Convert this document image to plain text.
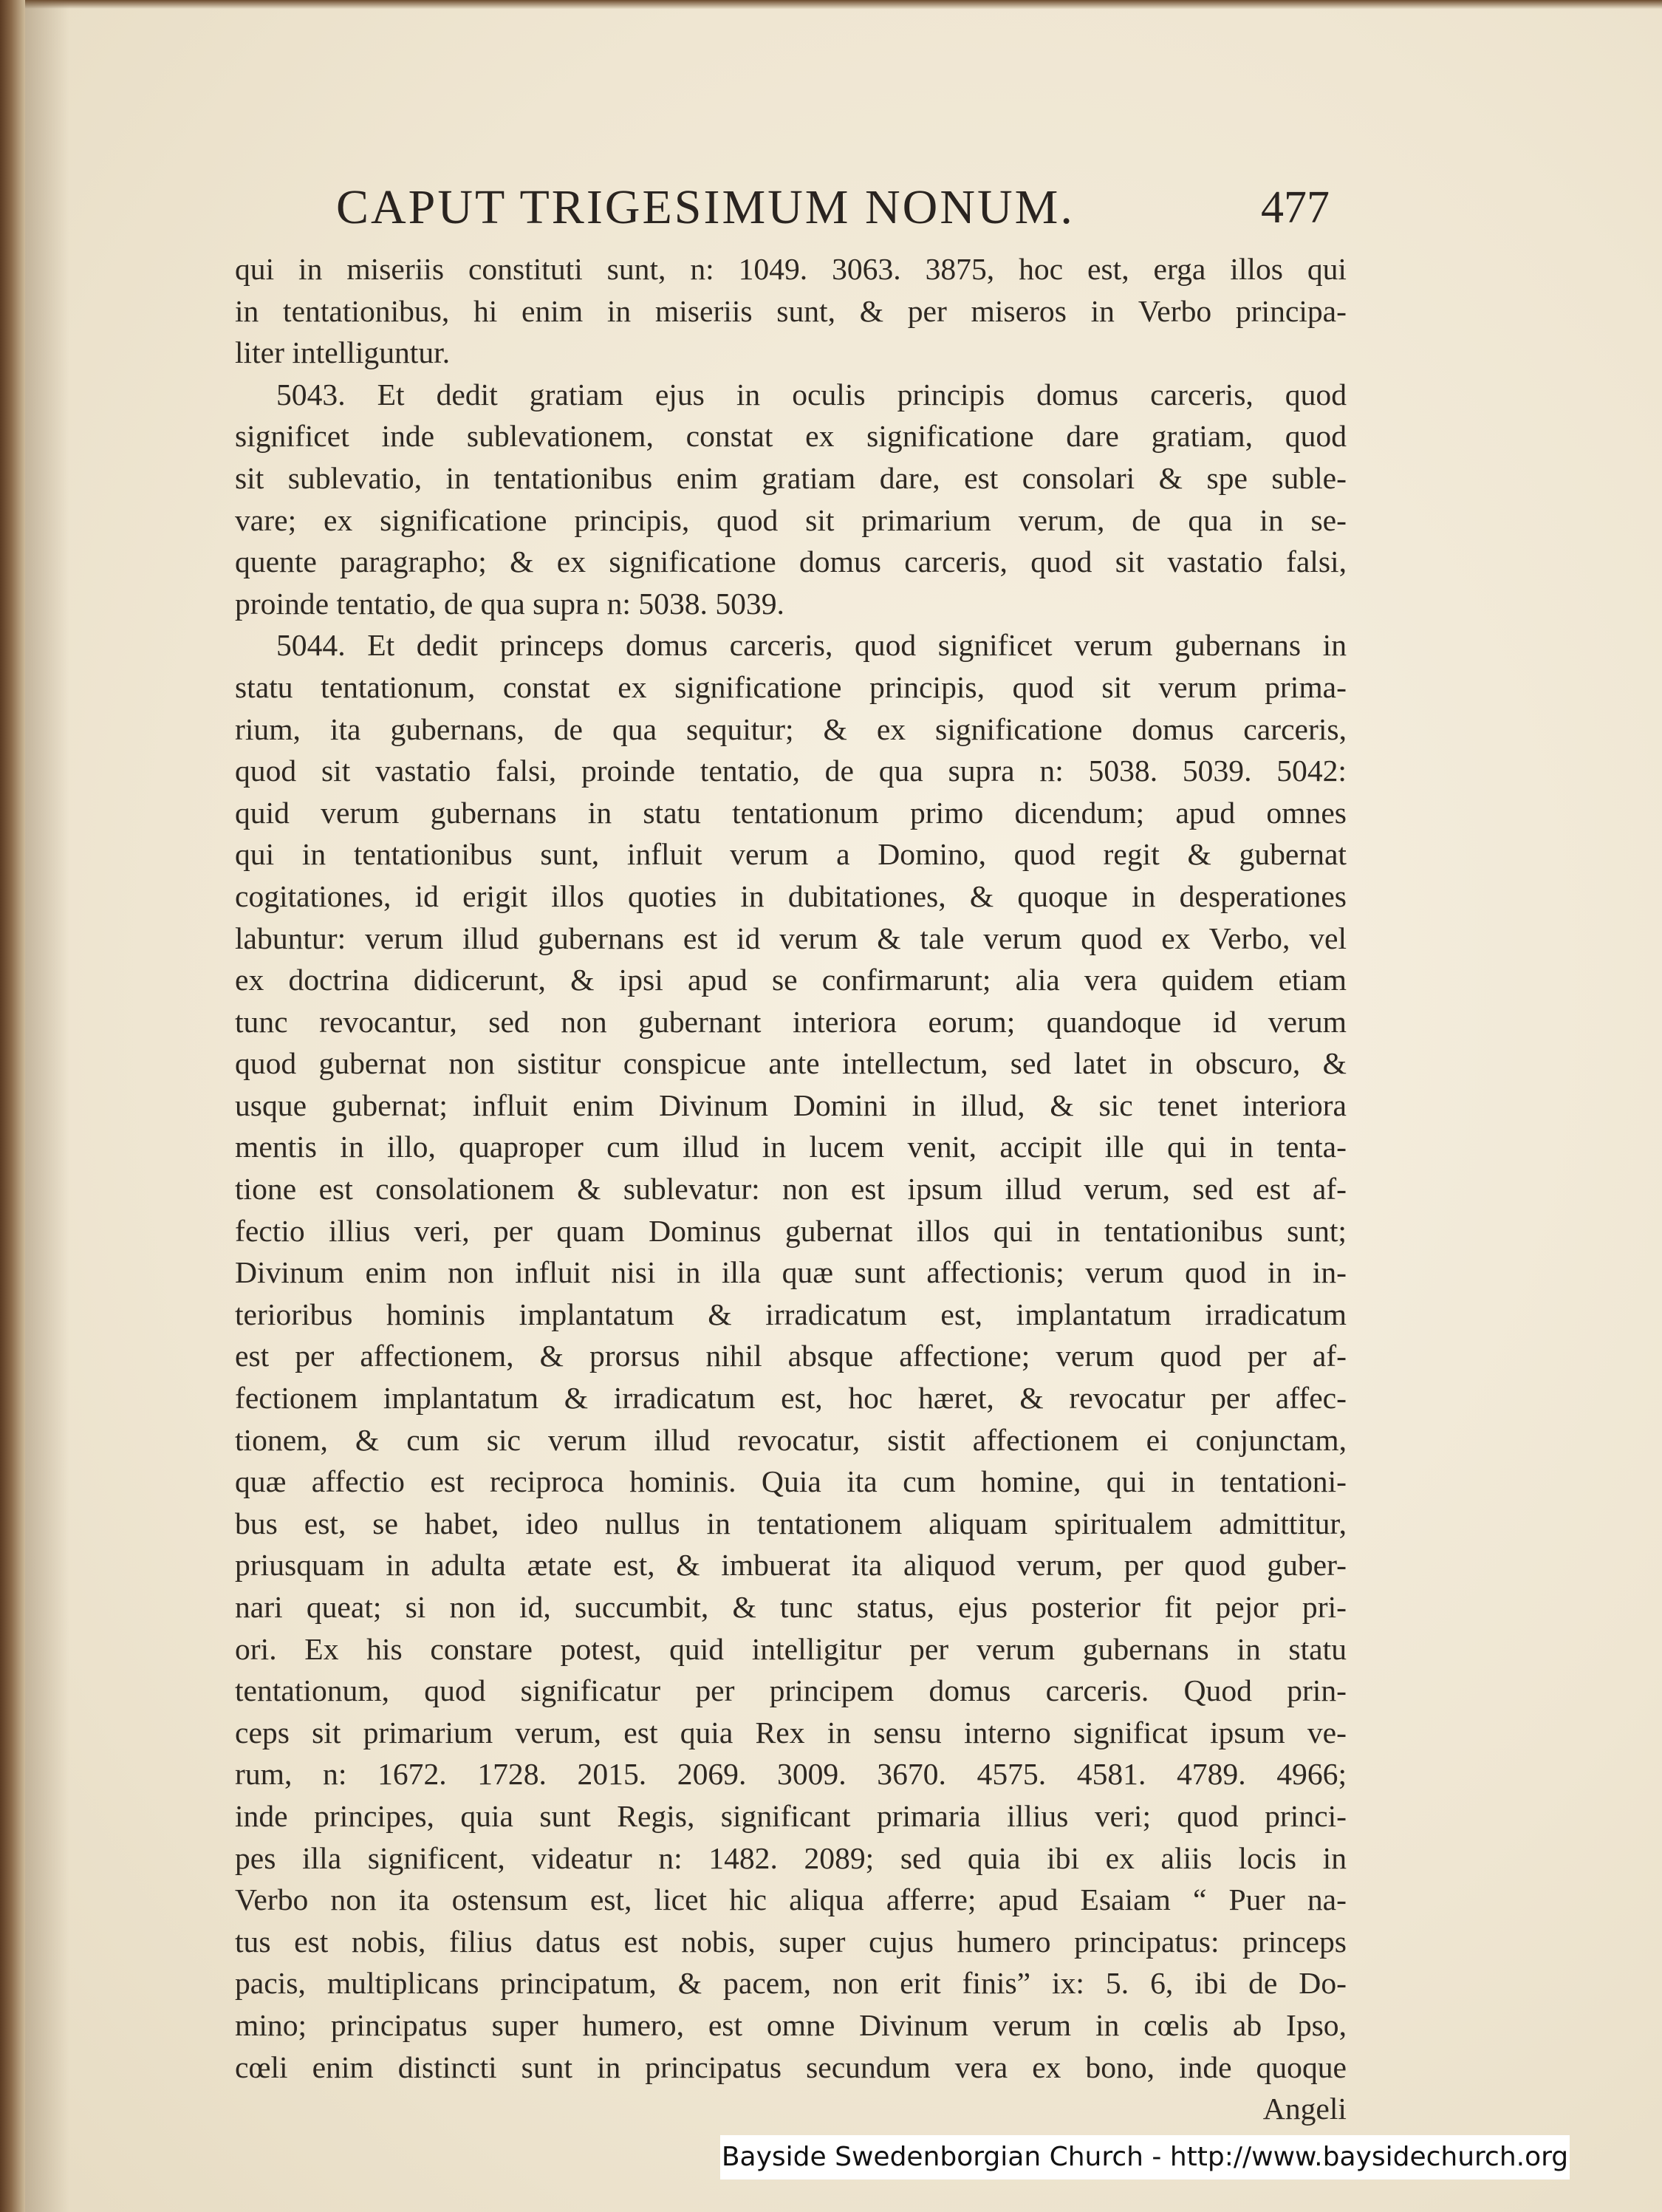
CAPUT TRIGESIMUM NONUM.	477
qui in miseriis constituti sunt, n: 1049. 3063. 3875, hoc est, erga illos qui
in tentationibus, hi enim in miseriis sunt, & per miseros in Verbo principa-
liter intelliguntur.
5043. Et dedit gratiam ejus in oculis principis domus carceris, quod
significet inde sublevationem, constat ex significatione dare gratiam, quod
sit sublevatio, in tentationibus enim gratiam dare, est consolari & spe suble-
vare; ex significatione principis, quod sit primarium verum, de qua in se-
quente paragrapho; & ex significatione domus carceris, quod sit vastatio falsi,
proinde tentatio, de qua supra n: 5038. 5039.
5044. Et dedit princeps domus carceris, quod significet verum gubernans in
statu tentationum, constat ex significatione principis, quod sit verum prima-
rium, ita gubernans, de qua sequitur; & ex significatione domus carceris,
quod sit vastatio falsi, proinde tentatio, de qua supra n: 5038. 5039. 5042:
quid verum gubernans in statu tentationum primo dicendum; apud omnes
qui in tentationibus sunt, influit verum a Domino, quod regit & gubernat
cogitationes, id erigit illos quoties in dubitationes, & quoque in desperationes
labuntur: verum illud gubernans est id verum & tale verum quod ex Verbo, vel
ex doctrina didicerunt, & ipsi apud se confirmarunt; alia vera quidem etiam
tunc revocantur, sed non gubernant interiora eorum; quandoque id verum
quod gubernat non sistitur conspicue ante intellectum, sed latet in obscuro, &
usque gubernat; influit enim Divinum Domini in illud, & sic tenet interiora
mentis in illo, quaproper cum illud in lucem venit, accipit ille qui in tenta-
tione est consolationem & sublevatur: non est ipsum illud verum, sed est af-
fectio illius veri, per quam Dominus gubernat illos qui in tentationibus sunt;
Divinum enim non influit nisi in illa quæ sunt affectionis; verum quod in in-
terioribus hominis implantatum & irradicatum est, implantatum irradicatum
est per affectionem, & prorsus nihil absque affectione; verum quod per af-
fectionem implantatum & irradicatum est, hoc hæret, & revocatur per affec-
tionem, & cum sic verum illud revocatur, sistit affectionem ei conjunctam,
quæ affectio est reciproca hominis. Quia ita cum homine, qui in tentationi-
bus est, se habet, ideo nullus in tentationem aliquam spiritualem admittitur,
priusquam in adulta ætate est, & imbuerat ita aliquod verum, per quod guber-
nari queat; si non id, succumbit, & tunc status, ejus posterior fit pejor pri-
ori. Ex his constare potest, quid intelligitur per verum gubernans in statu
tentationum, quod significatur per principem domus carceris. Quod prin-
ceps sit primarium verum, est quia Rex in sensu interno significat ipsum ve-
rum, n: 1672. 1728. 2015. 2069. 3009. 3670. 4575. 4581. 4789. 4966;
inde principes, quia sunt Regis, significant primaria illius veri; quod princi-
pes illa significent, videatur n: 1482. 2089; sed quia ibi ex aliis locis in
Verbo non ita ostensum est, licet hic aliqua afferre; apud Esaiam “ Puer na-
tus est nobis, filius datus est nobis, super cujus humero principatus: princeps
pacis, multiplicans principatum, & pacem, non erit finis” ix: 5. 6, ibi de Do-
mino; principatus super humero, est omne Divinum verum in cœlis ab Ipso,
cœli enim distincti sunt in principatus secundum vera ex bono, inde quoque
Angeli
Bayside Swedenborgian Church - http://www.baysidechurch.org
